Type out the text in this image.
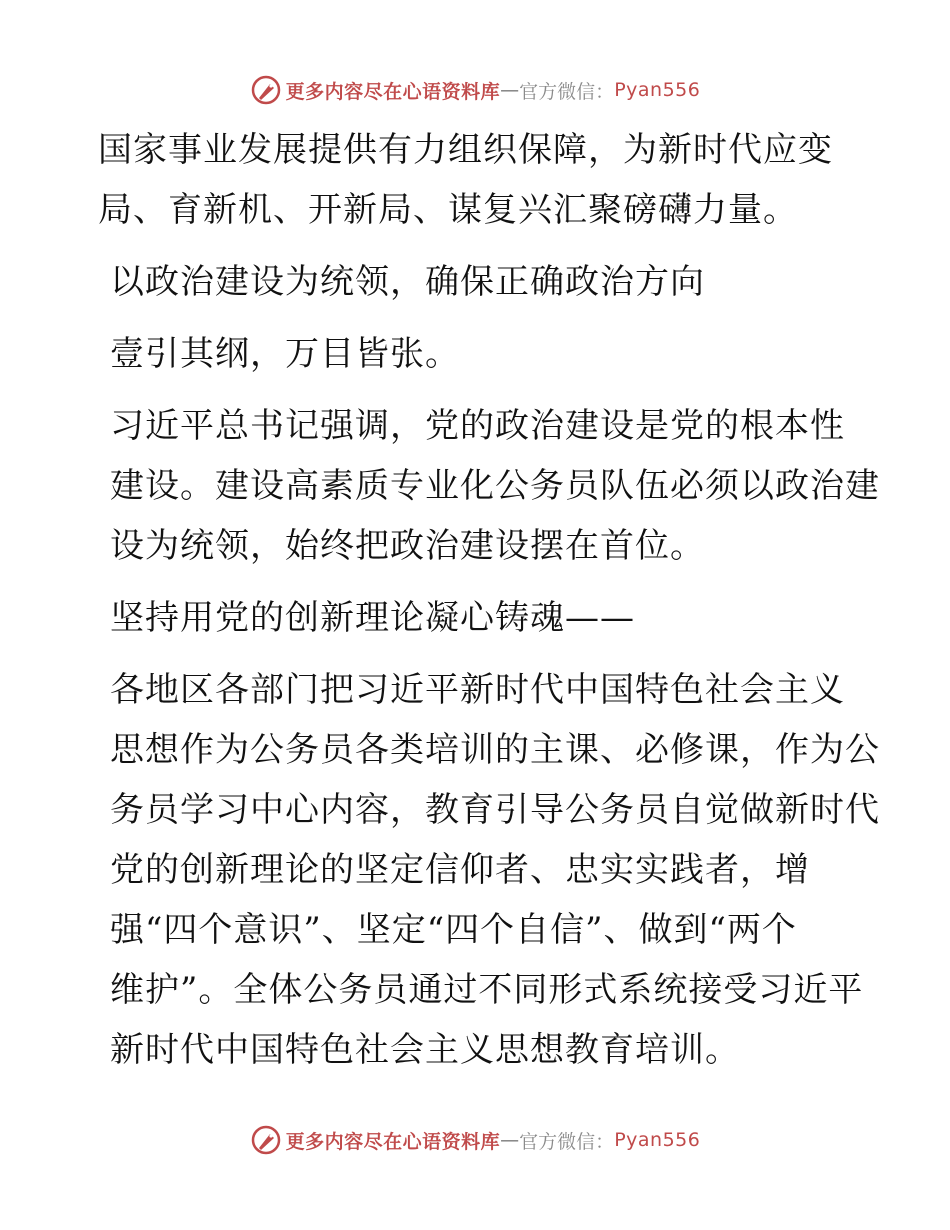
更多内容尽在心语资料库 — 官方微信： Pyan556
国家事业发展提供有力组织保障，为新时代应变
局、育新机、开新局、谋复兴汇聚磅礴力量。
以政治建设为统领，确保正确政治方向
壹引其纲，万目皆张。
习近平总书记强调，党的政治建设是党的根本性
建设。建设高素质专业化公务员队伍必须以政治建
设为统领，始终把政治建设摆在首位。
坚持用党的创新理论凝心铸魂——
各地区各部门把习近平新时代中国特色社会主义
思想作为公务员各类培训的主课、必修课，作为公
务员学习中心内容，教育引导公务员自觉做新时代
党的创新理论的坚定信仰者、忠实实践者，增
强“四个意识”、坚定“四个自信”、做到“两个
维护”。全体公务员通过不同形式系统接受习近平
新时代中国特色社会主义思想教育培训。
更多内容尽在心语资料库 — 官方微信： Pyan556
